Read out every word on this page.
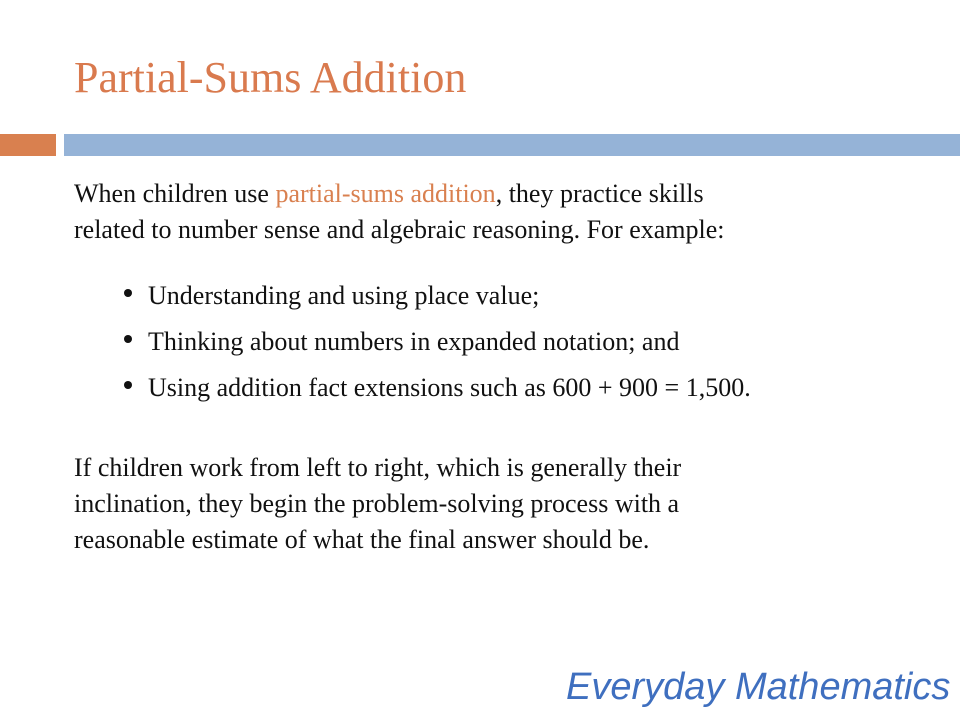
Partial-Sums Addition

When children use partial-sums addition, they practice skills
related to number sense and algebraic reasoning. For example:

Understanding and using place value;
Thinking about numbers in expanded notation; and
Using addition fact extensions such as 600 + 900 = 1,500.

If children work from left to right, which is generally their
inclination, they begin the problem-solving process with a
reasonable estimate of what the final answer should be.

Everyday Mathematics
